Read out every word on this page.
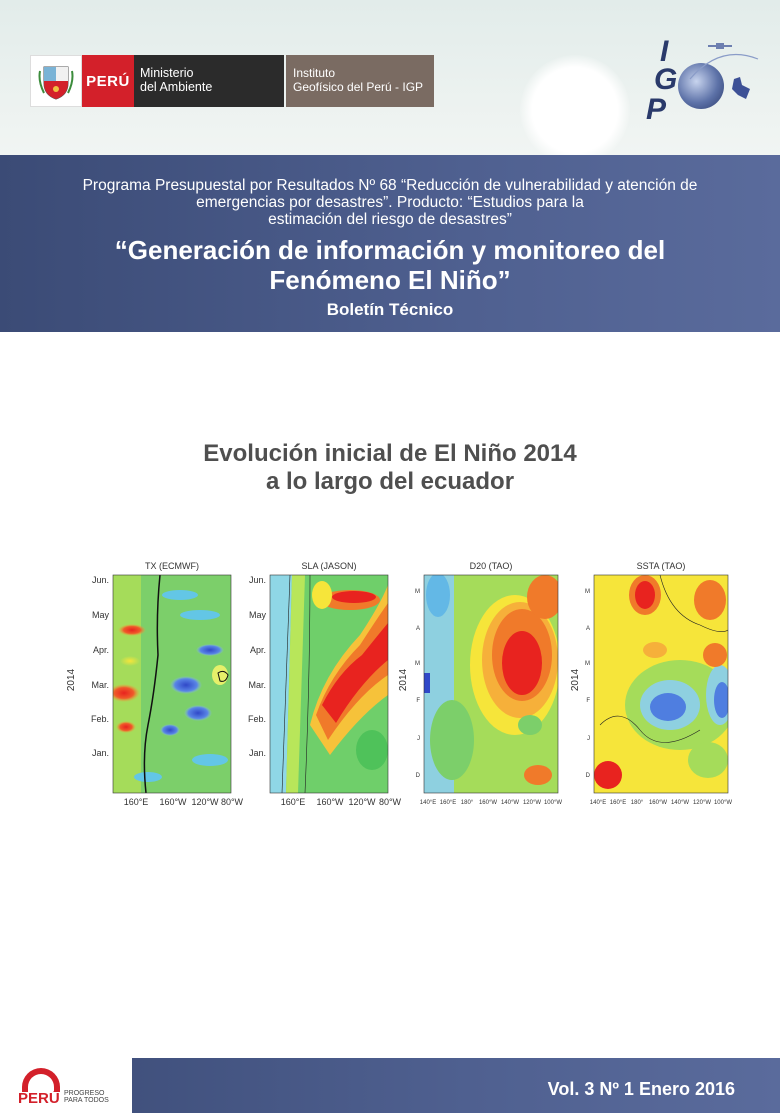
PERÚ Ministerio
del Ambiente
Instituto
Geofísico del Perú - IGP
I
G
P
Programa Presupuestal por Resultados Nº 68 “Reducción de vulnerabilidad y atención de
emergencias por desastres”. Producto: “Estudios para la
estimación del riesgo de desastres”
“Generación de información y monitoreo del
Fenómeno El Niño”
Boletín Técnico
Evolución inicial de El Niño 2014
a lo largo del ecuador
2014	2014	2014
TX (ECMWF)
Jun.
May
Apr.
Mar.
Feb.
Jan.
160°E 160°W 120°W 80°W
SLA (JASON)
Jun.
May
Apr.
Mar.
Feb.
Jan.
160°E 160°W 120°W 80°W
D20 (TAO)
M
A
M
F
J
D
140°E 160°E 180° 160°W 140°W 120°W 100°W
SSTA (TAO)
M
A
M
F
J
D
140°E 160°E 180° 160°W 140°W 120°W 100°W
Vol. 3 Nº 1 Enero 2016
PERÚ PROGRESO
PARA TODOS
